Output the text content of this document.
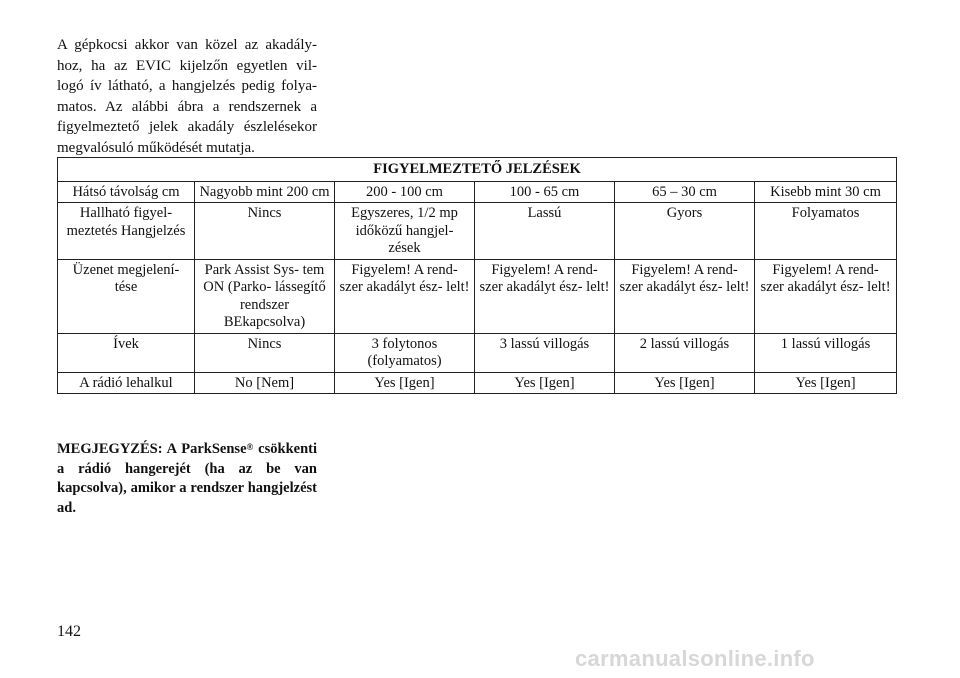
A gépkocsi akkor van közel az akadály- hoz, ha az EVIC kijelzőn egyetlen vil- logó ív látható, a hangjelzés pedig folya- matos. Az alábbi ábra a rendszernek a figyelmeztető jelek akadály észlelésekor megvalósuló működését mutatja.
FIGYELMEZTETŐ JELZÉSEK					
Hátsó távolság cm	Nagyobb mint 200 cm	200 - 100 cm	100 - 65 cm	65 – 30 cm	Kisebb mint 30 cm
Hallható figyel- meztetés Hangjelzés	Nincs	Egyszeres, 1/2 mp időközű hangjel- zések	Lassú	Gyors	Folyamatos
Üzenet megjelení- tése	Park Assist Sys- tem ON (Parko- lássegítő rendszer BEkapcsolva)	Figyelem! A rend- szer akadályt ész- lelt!	Figyelem! A rend- szer akadályt ész- lelt!	Figyelem! A rend- szer akadályt ész- lelt!	Figyelem! A rend- szer akadályt ész- lelt!
Ívek	Nincs	3 folytonos (folyamatos)	3 lassú villogás	2 lassú villogás	1 lassú villogás
A rádió lehalkul	No [Nem]	Yes [Igen]	Yes [Igen]	Yes [Igen]	Yes [Igen]
MEGJEGYZÉS: A ParkSense® csökkenti a rádió hangerejét (ha az be van kapcsolva), amikor a rendszer hangjelzést ad.
142
carmanualsonline.info
